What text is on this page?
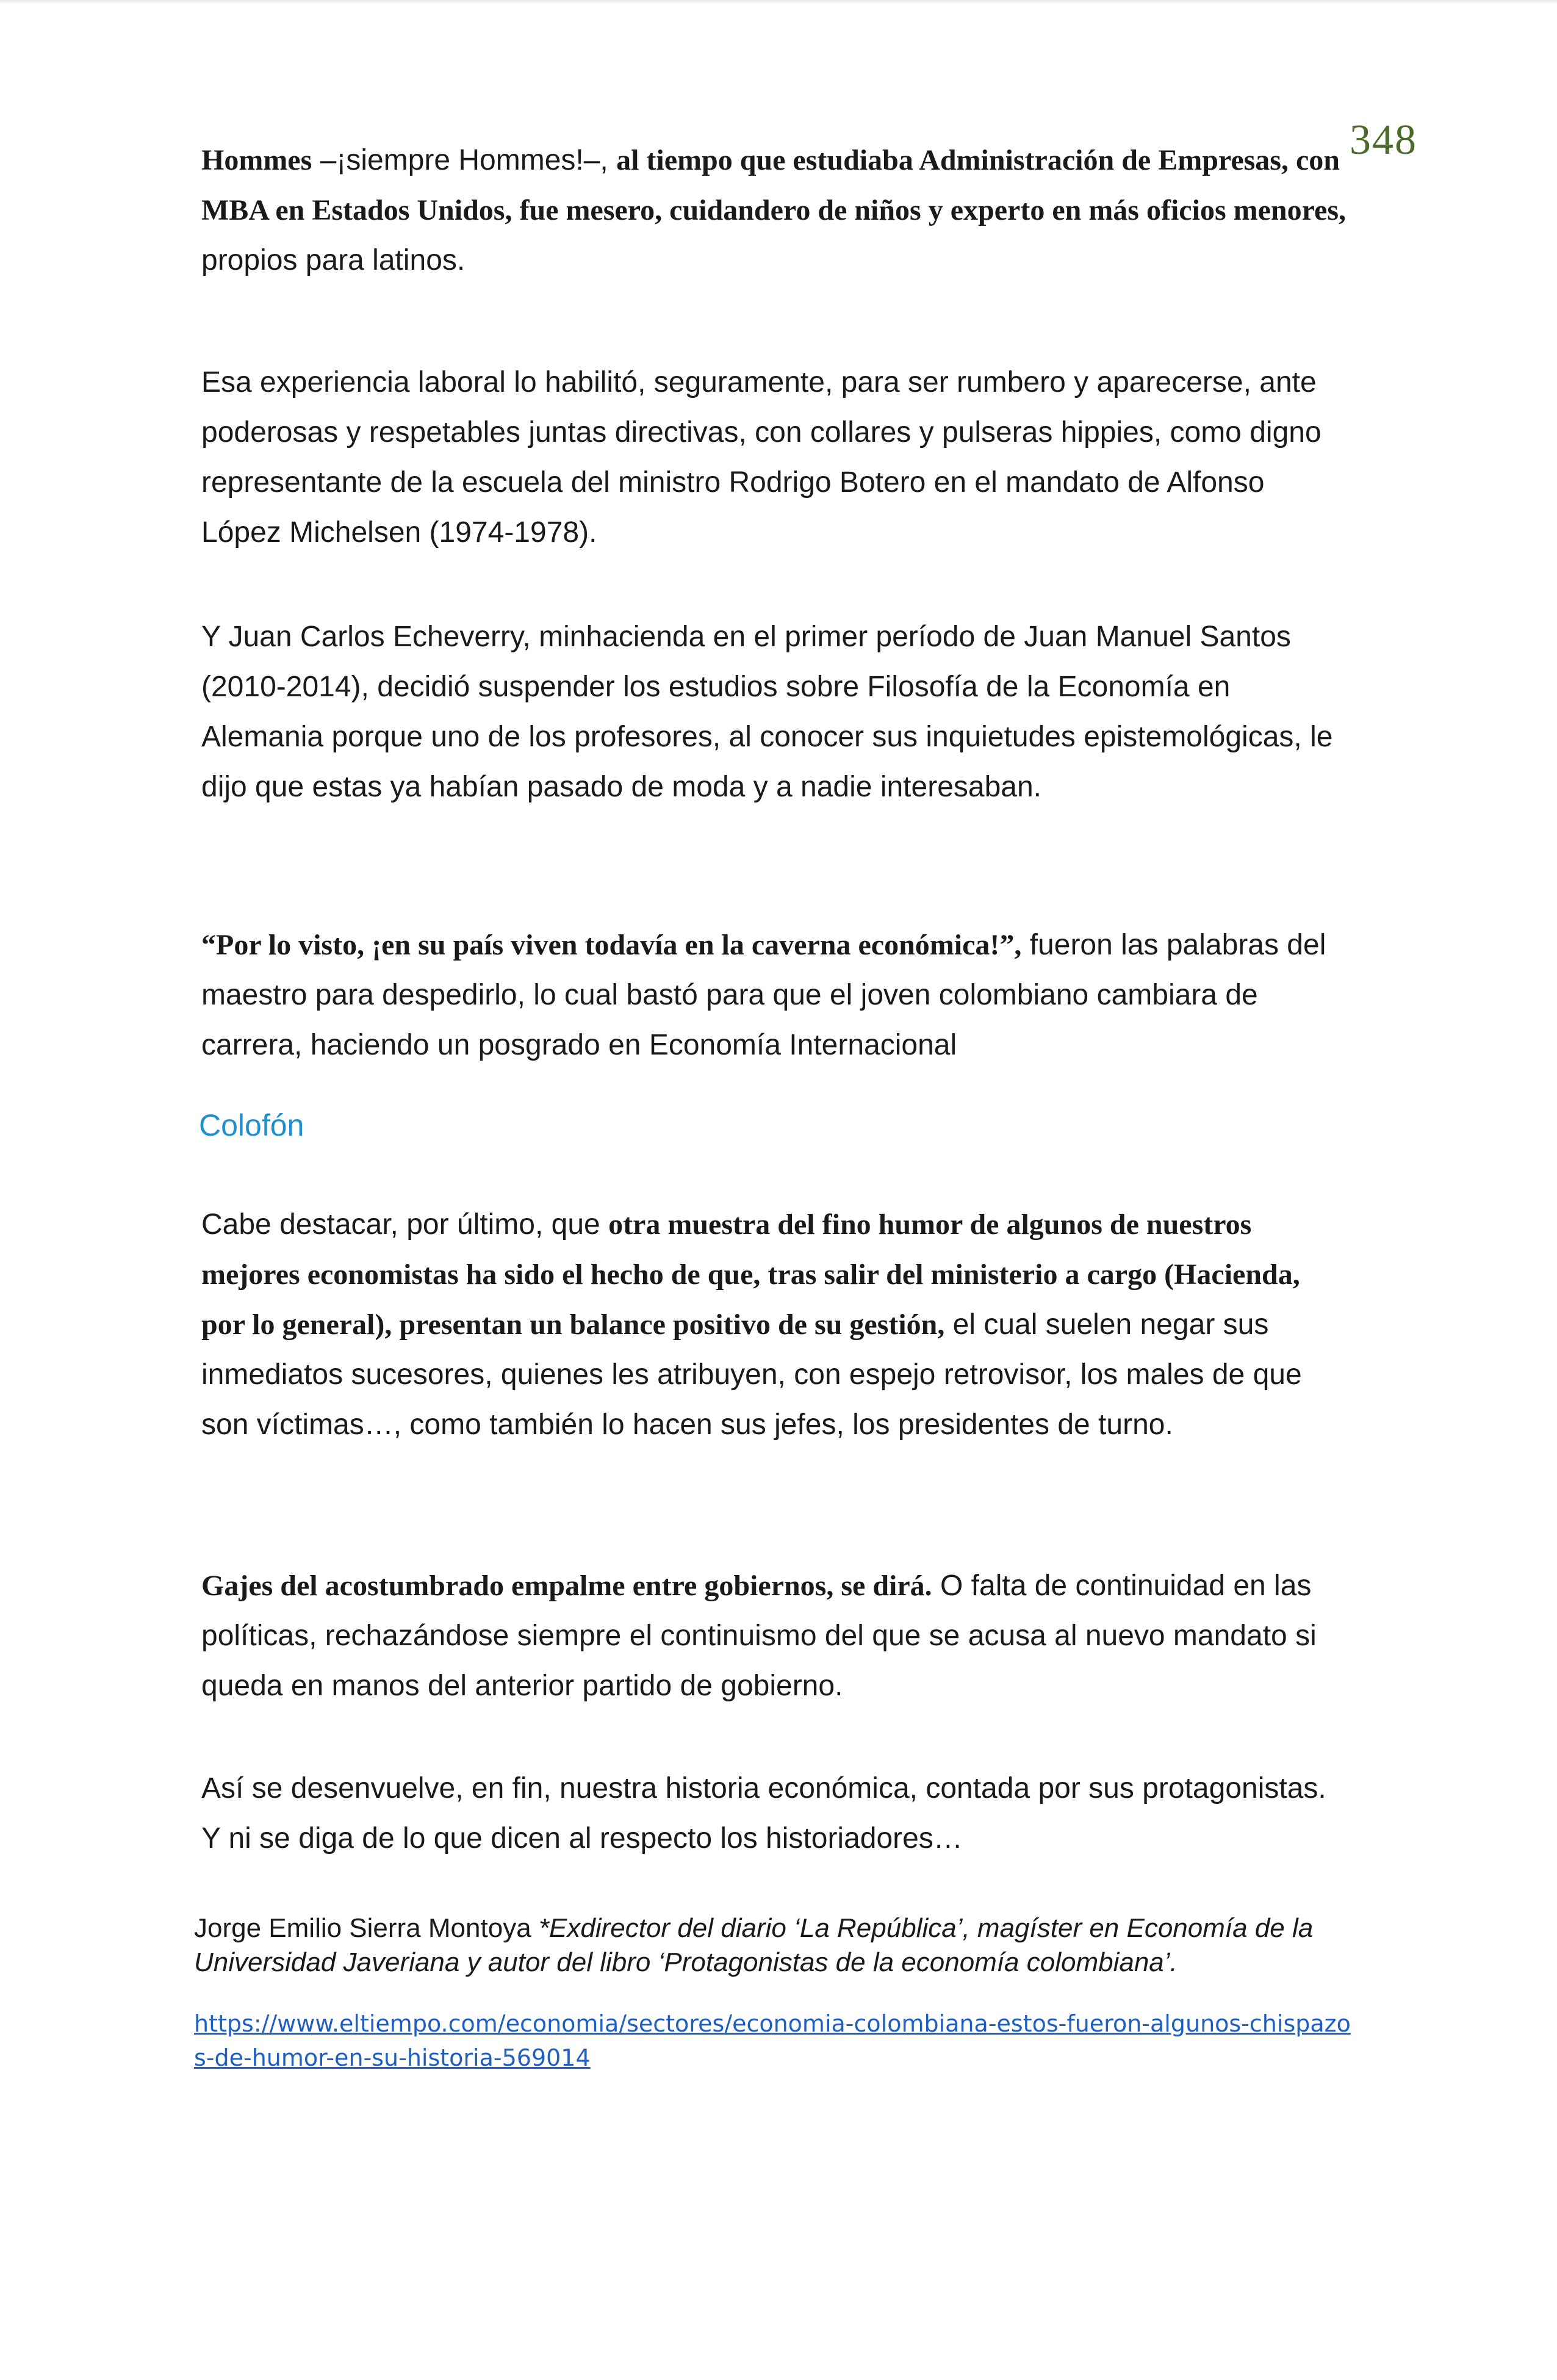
348

Hommes –¡siempre Hommes!–, al tiempo que estudiaba Administración de Empresas, con MBA en Estados Unidos, fue mesero, cuidandero de niños y experto en más oficios menores, propios para latinos.

Esa experiencia laboral lo habilitó, seguramente, para ser rumbero y aparecerse, ante poderosas y respetables juntas directivas, con collares y pulseras hippies, como digno representante de la escuela del ministro Rodrigo Botero en el mandato de Alfonso López Michelsen (1974-1978).

Y Juan Carlos Echeverry, minhacienda en el primer período de Juan Manuel Santos (2010-2014), decidió suspender los estudios sobre Filosofía de la Economía en Alemania porque uno de los profesores, al conocer sus inquietudes epistemológicas, le dijo que estas ya habían pasado de moda y a nadie interesaban.

“Por lo visto, ¡en su país viven todavía en la caverna económica!”, fueron las palabras del maestro para despedirlo, lo cual bastó para que el joven colombiano cambiara de carrera, haciendo un posgrado en Economía Internacional

Colofón

Cabe destacar, por último, que otra muestra del fino humor de algunos de nuestros mejores economistas ha sido el hecho de que, tras salir del ministerio a cargo (Hacienda, por lo general), presentan un balance positivo de su gestión, el cual suelen negar sus inmediatos sucesores, quienes les atribuyen, con espejo retrovisor, los males de que son víctimas…, como también lo hacen sus jefes, los presidentes de turno.

Gajes del acostumbrado empalme entre gobiernos, se dirá. O falta de continuidad en las políticas, rechazándose siempre el continuismo del que se acusa al nuevo mandato si queda en manos del anterior partido de gobierno.

Así se desenvuelve, en fin, nuestra historia económica, contada por sus protagonistas. Y ni se diga de lo que dicen al respecto los historiadores…

Jorge Emilio Sierra Montoya *Exdirector del diario ‘La República’, magíster en Economía de la Universidad Javeriana y autor del libro ‘Protagonistas de la economía colombiana’.

https://www.eltiempo.com/economia/sectores/economia-colombiana-estos-fueron-algunos-chispazos-de-humor-en-su-historia-569014
